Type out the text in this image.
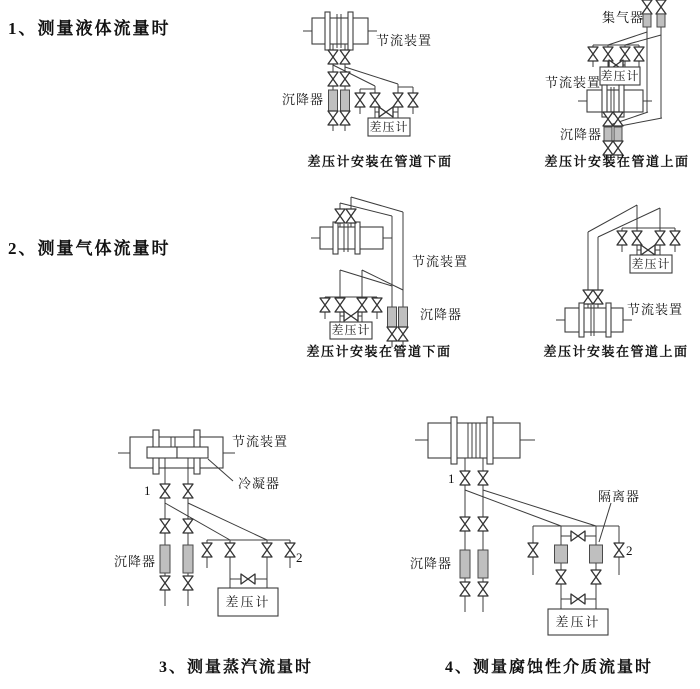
1、测量液体流量时
2、测量气体流量时
节流装置
沉降器
差压计
差压计安装在管道下面
集气器
节流装置 差压计
沉降器
差压计安装在管道上面
节流装置
沉降器
差压计
差压计安装在管道下面
差压计
节流装置
差压计安装在管道上面
节流装置
冷凝器
1
沉降器	2
差压计
3、测量蒸汽流量时
隔离器
1
沉降器
2
差压计
4、测量腐蚀性介质流量时
